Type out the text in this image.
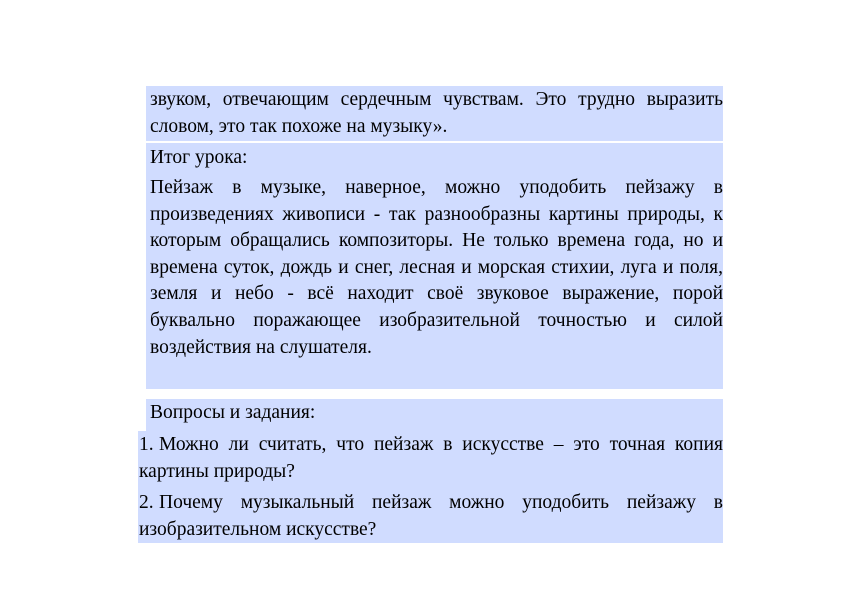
звуком, отвечающим сердечным чувствам. Это трудно выразить словом, это так похоже на музыку».

Итог урока:

Пейзаж в музыке, наверное, можно уподобить пейзажу в произведениях живописи - так разнообразны картины природы, к которым обращались композиторы. Не только времена года, но и времена суток, дождь и снег, лесная и морская стихии, луга и поля, земля и небо - всё находит своё звуковое выражение, порой буквально поражающее изобразительной точностью и силой воздействия на слушателя.

Вопросы и задания:

1. Можно ли считать, что пейзаж в искусстве – это точная копия картины природы?
2. Почему музыкальный пейзаж можно уподобить пейзажу в изобразительном искусстве?
